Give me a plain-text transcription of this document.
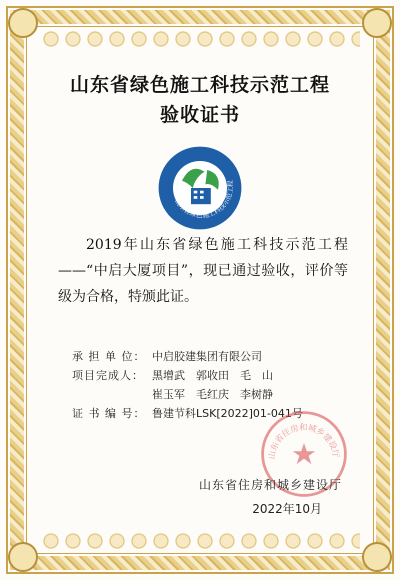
山东省绿色施工科技示范工程
验收证书
山东省绿色施工科技示范工程
2019年山东省绿色施工科技示范工程——“中启大厦项目”，现已通过验收，评价等级为合格，特颁此证。
承 担 单 位： 中启胶建集团有限公司
项目完成人： 黑增武　郭收田　毛　山
崔玉军　毛红庆　李树静
证 书 编 号： 鲁建节科LSK[2022]01-041号
山东省住房和城乡建设厅
山东省住房和城乡建设厅
2022年10月
